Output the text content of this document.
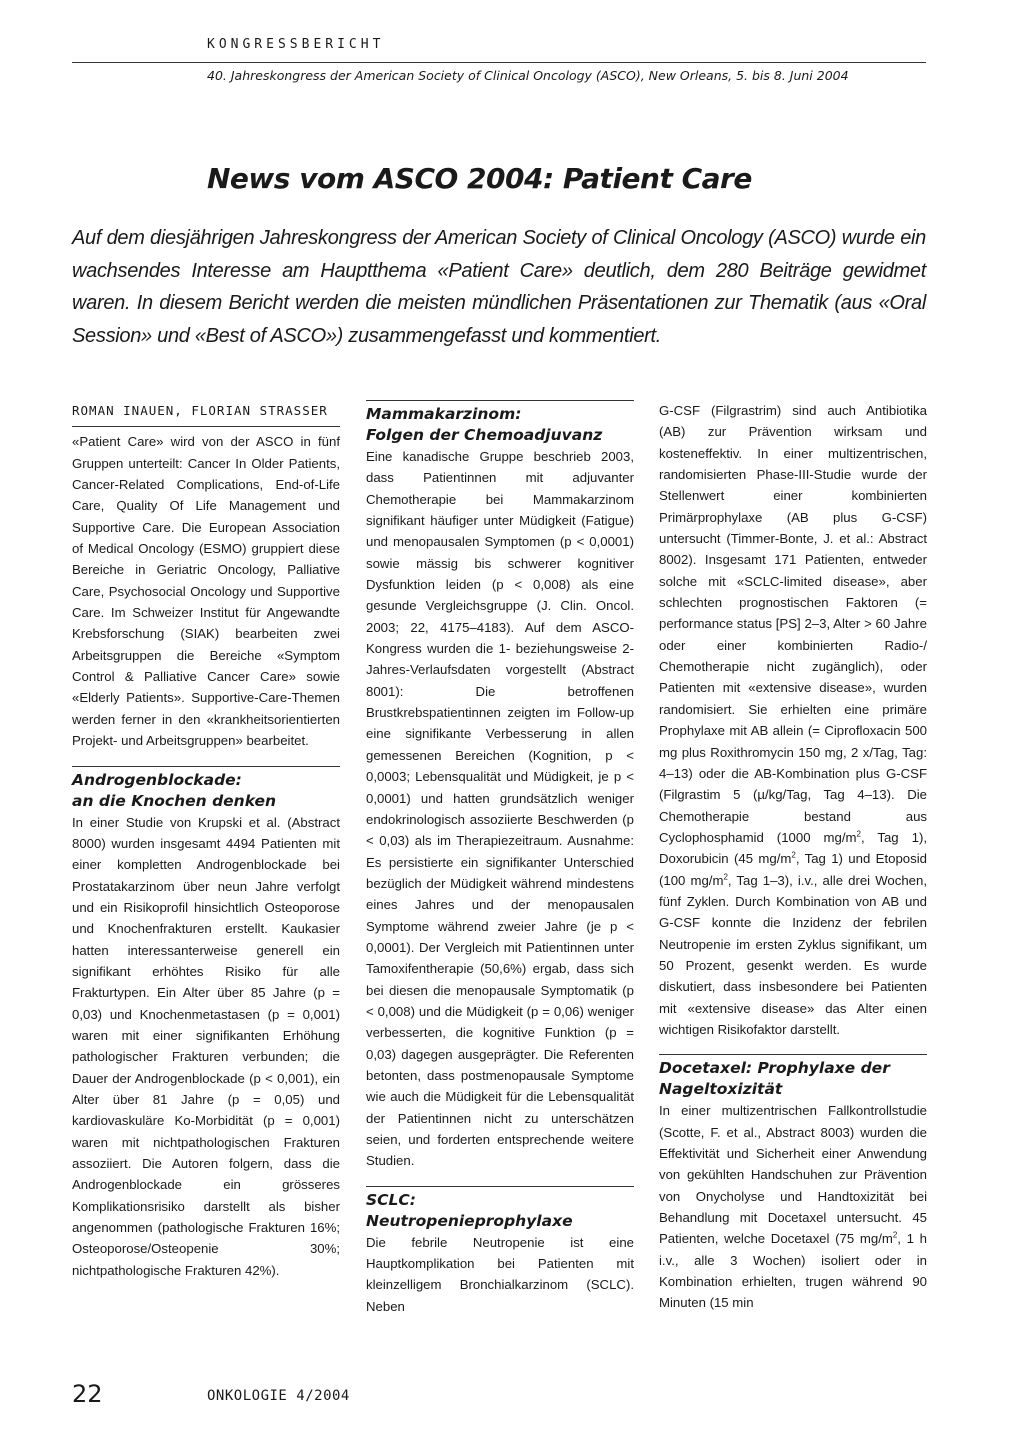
KONGRESSBERICHT
40. Jahreskongress der American Society of Clinical Oncology (ASCO), New Orleans, 5. bis 8. Juni 2004
News vom ASCO 2004: Patient Care

Auf dem diesjährigen Jahreskongress der American Society of Clinical Oncology (ASCO) wurde ein wachsendes Interesse am Hauptthema «Patient Care» deutlich, dem 280 Beiträge gewidmet waren. In diesem Bericht werden die meisten mündlichen Präsentationen zur Thematik (aus «Oral Session» und «Best of ASCO») zusammengefasst und kommentiert.

ROMAN INAUEN, FLORIAN STRASSER

«Patient Care» wird von der ASCO in fünf Gruppen unterteilt: Cancer In Older Patients, Cancer-Related Complications, End-of-Life Care, Quality Of Life Management und Supportive Care. Die European Association of Medical Oncology (ESMO) gruppiert diese Bereiche in Geriatric Oncology, Palliative Care, Psychosocial Oncology und Supportive Care. Im Schweizer Institut für Angewandte Krebsforschung (SIAK) bearbeiten zwei Arbeitsgruppen die Bereiche «Symptom Control & Palliative Cancer Care» sowie «Elderly Patients». Supportive-Care-Themen werden ferner in den «krankheitsorientierten Projekt- und Arbeitsgruppen» bearbeitet.

Androgenblockade:
an die Knochen denken

In einer Studie von Krupski et al. (Abstract 8000) wurden insgesamt 4494 Patienten mit einer kompletten Androgenblockade bei Prostatakarzinom über neun Jahre verfolgt und ein Risikoprofil hinsichtlich Osteoporose und Knochenfrakturen erstellt. Kaukasier hatten interessanterweise generell ein signifikant erhöhtes Risiko für alle Frakturtypen. Ein Alter über 85 Jahre (p = 0,03) und Knochenmetastasen (p = 0,001) waren mit einer signifikanten Erhöhung pathologischer Frakturen verbunden; die Dauer der Androgenblockade (p < 0,001), ein Alter über 81 Jahre (p = 0,05) und kardiovaskuläre Ko-Morbidität (p = 0,001) waren mit nichtpathologischen Frakturen assoziiert. Die Autoren folgern, dass die Androgenblockade ein grösseres Komplikationsrisiko darstellt als bisher angenommen (pathologische Frakturen 16%; Osteoporose/Osteopenie 30%; nichtpathologische Frakturen 42%).

Mammakarzinom:
Folgen der Chemoadjuvanz

Eine kanadische Gruppe beschrieb 2003, dass Patientinnen mit adjuvanter Chemotherapie bei Mammakarzinom signifikant häufiger unter Müdigkeit (Fatigue) und menopausalen Symptomen (p < 0,0001) sowie mässig bis schwerer kognitiver Dysfunktion leiden (p < 0,008) als eine gesunde Vergleichsgruppe (J. Clin. Oncol. 2003; 22, 4175–4183). Auf dem ASCO-Kongress wurden die 1- beziehungsweise 2-Jahres-Verlaufsdaten vorgestellt (Abstract 8001): Die betroffenen Brustkrebspatientinnen zeigten im Follow-up eine signifikante Verbesserung in allen gemessenen Bereichen (Kognition, p < 0,0003; Lebensqualität und Müdigkeit, je p < 0,0001) und hatten grundsätzlich weniger endokrinologisch assoziierte Beschwerden (p < 0,03) als im Therapiezeitraum. Ausnahme: Es persistierte ein signifikanter Unterschied bezüglich der Müdigkeit während mindestens eines Jahres und der menopausalen Symptome während zweier Jahre (je p < 0,0001). Der Vergleich mit Patientinnen unter Tamoxifentherapie (50,6%) ergab, dass sich bei diesen die menopausale Symptomatik (p < 0,008) und die Müdigkeit (p = 0,06) weniger verbesserten, die kognitive Funktion (p = 0,03) dagegen ausgeprägter. Die Referenten betonten, dass postmenopausale Symptome wie auch die Müdigkeit für die Lebensqualität der Patientinnen nicht zu unterschätzen seien, und forderten entsprechende weitere Studien.

SCLC:
Neutropenieprophylaxe

Die febrile Neutropenie ist eine Hauptkomplikation bei Patienten mit kleinzelligem Bronchialkarzinom (SCLC). Neben

G-CSF (Filgrastrim) sind auch Antibiotika (AB) zur Prävention wirksam und kosteneffektiv. In einer multizentrischen, randomisierten Phase-III-Studie wurde der Stellenwert einer kombinierten Primärprophylaxe (AB plus G-CSF) untersucht (Timmer-Bonte, J. et al.: Abstract 8002). Insgesamt 171 Patienten, entweder solche mit «SCLC-limited disease», aber schlechten prognostischen Faktoren (= performance status [PS] 2–3, Alter > 60 Jahre oder einer kombinierten Radio-/ Chemotherapie nicht zugänglich), oder Patienten mit «extensive disease», wurden randomisiert. Sie erhielten eine primäre Prophylaxe mit AB allein (= Ciprofloxacin 500 mg plus Roxithromycin 150 mg, 2 x/Tag, Tag: 4–13) oder die AB-Kombination plus G-CSF (Filgrastim 5 (µ/kg/Tag, Tag 4–13). Die Chemotherapie bestand aus Cyclophosphamid (1000 $mg/m^2$, Tag 1), Doxorubicin (45 $mg/m^2$, Tag 1) und Etoposid (100 $mg/m^2$, Tag 1–3), i.v., alle drei Wochen, fünf Zyklen. Durch Kombination von AB und G-CSF konnte die Inzidenz der febrilen Neutropenie im ersten Zyklus signifikant, um 50 Prozent, gesenkt werden. Es wurde diskutiert, dass insbesondere bei Patienten mit «extensive disease» das Alter einen wichtigen Risikofaktor darstellt.

Docetaxel: Prophylaxe der
Nageltoxizität

In einer multizentrischen Fallkontrollstudie (Scotte, F. et al., Abstract 8003) wurden die Effektivität und Sicherheit einer Anwendung von gekühlten Handschuhen zur Prävention von Onycholyse und Handtoxizität bei Behandlung mit Docetaxel untersucht. 45 Patienten, welche Docetaxel (75 $mg/m^2$, 1 h i.v., alle 3 Wochen) isoliert oder in Kombination erhielten, trugen während 90 Minuten (15 min

22	ONKOLOGIE 4/2004
